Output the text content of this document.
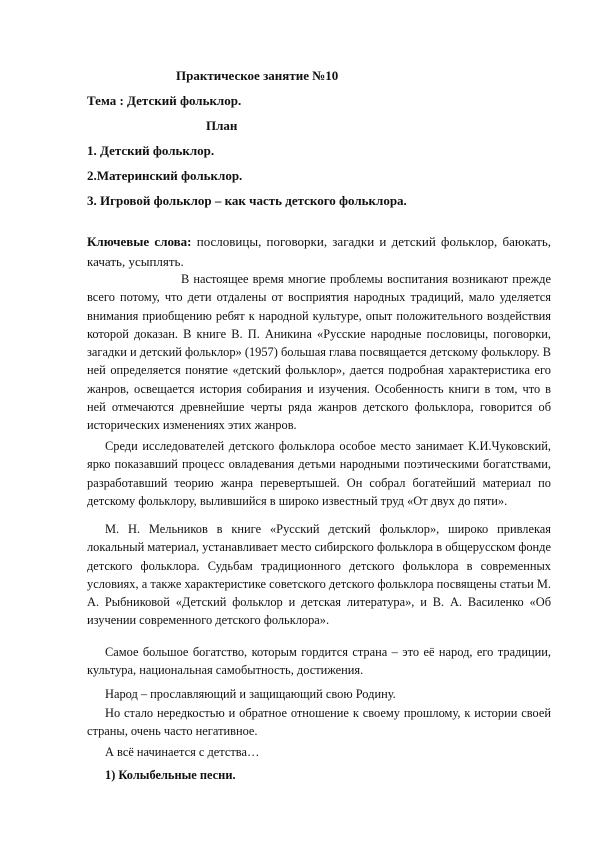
Практическое занятие №10
Тема : Детский фольклор.
План
1. Детский фольклор.
2.Материнский фольклор.
3. Игровой фольклор – как часть детского фольклора.
Ключевые слова: пословицы, поговорки, загадки и детский фольклор, баюкать, качать, усыплять.
В настоящее время многие проблемы воспитания возникают прежде всего потому, что дети отдалены от восприятия народных традиций, мало уделяется внимания приобщению ребят к народной культуре, опыт положительного воздействия которой доказан. В книге В. П. Аникина «Русские народные пословицы, поговорки, загадки и детский фольклор» (1957) большая глава посвящается детскому фольклору. В ней определяется понятие «детский фольклор», дается подробная характеристика его жанров, освещается история собирания и изучения. Особенность книги в том, что в ней отмечаются древнейшие черты ряда жанров детского фольклора, говорится об исторических изменениях этих жанров.
Среди исследователей детского фольклора особое место занимает К.И.Чуковский, ярко показавший процесс овладевания детьми народными поэтическими богатствами, разработавший теорию жанра перевертышей. Он собрал богатейший материал по детскому фольклору, вылившийся в широко известный труд «От двух до пяти».
М. Н. Мельников в книге «Русский детский фольклор», широко привлекая локальный материал, устанавливает место сибирского фольклора в общерусском фонде детского фольклора. Судьбам традиционного детского фольклора в современных условиях, а также характеристике советского детского фольклора посвящены статьи М. А. Рыбниковой «Детский фольклор и детская литература», и В. А. Василенко «Об изучении современного детского фольклора».
Самое большое богатство, которым гордится страна – это её народ, его традиции, культура, национальная самобытность, достижения.
Народ – прославляющий и защищающий свою Родину.
Но стало нередкостью и обратное отношение к своему прошлому, к истории своей страны, очень часто негативное.
А всё начинается с детства…
1) Колыбельные песни.
